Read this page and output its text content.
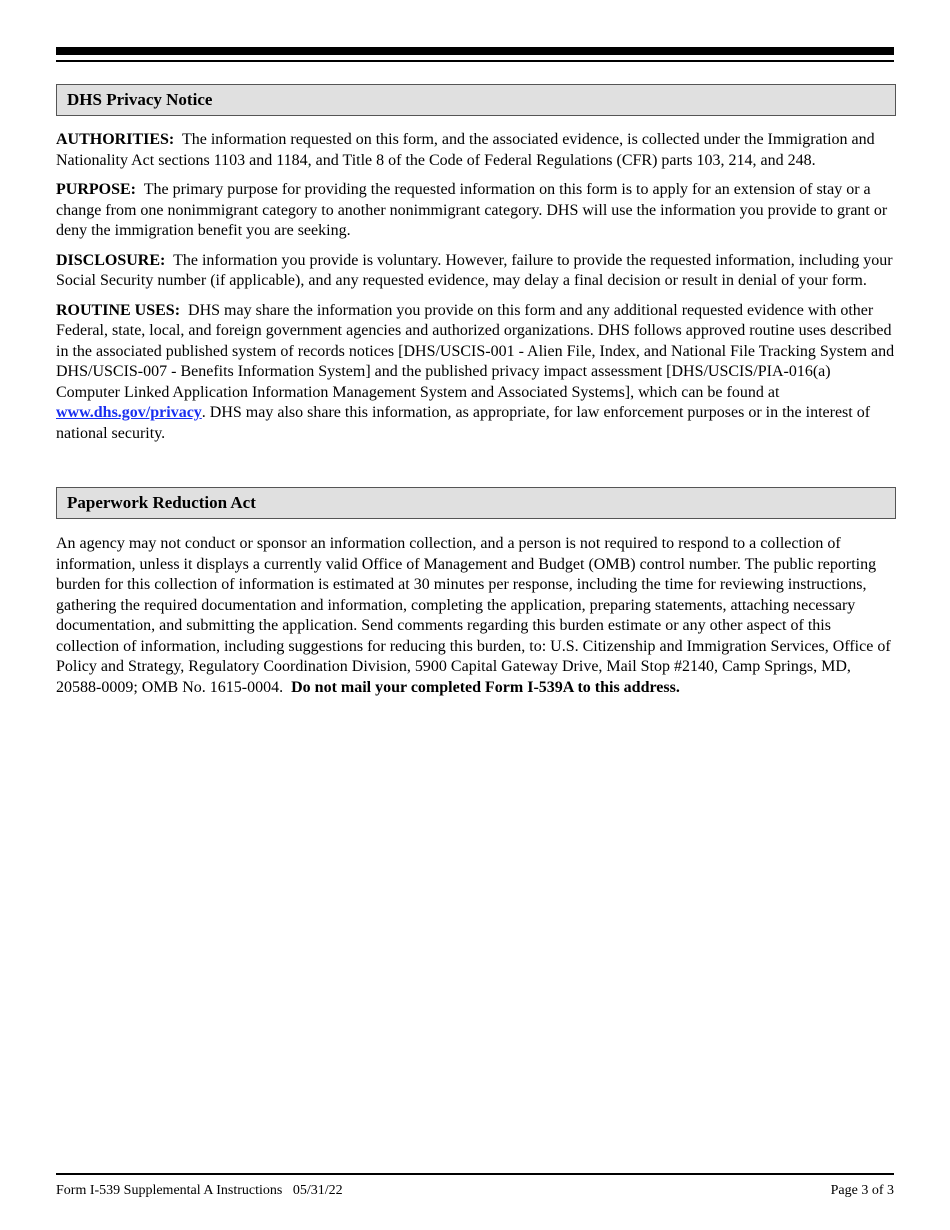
DHS Privacy Notice

AUTHORITIES: The information requested on this form, and the associated evidence, is collected under the Immigration and Nationality Act sections 1103 and 1184, and Title 8 of the Code of Federal Regulations (CFR) parts 103, 214, and 248.

PURPOSE: The primary purpose for providing the requested information on this form is to apply for an extension of stay or a change from one nonimmigrant category to another nonimmigrant category. DHS will use the information you provide to grant or deny the immigration benefit you are seeking.

DISCLOSURE: The information you provide is voluntary. However, failure to provide the requested information, including your Social Security number (if applicable), and any requested evidence, may delay a final decision or result in denial of your form.

ROUTINE USES: DHS may share the information you provide on this form and any additional requested evidence with other Federal, state, local, and foreign government agencies and authorized organizations. DHS follows approved routine uses described in the associated published system of records notices [DHS/USCIS-001 - Alien File, Index, and National File Tracking System and DHS/USCIS-007 - Benefits Information System] and the published privacy impact assessment [DHS/USCIS/PIA-016(a) Computer Linked Application Information Management System and Associated Systems], which can be found at www.dhs.gov/privacy. DHS may also share this information, as appropriate, for law enforcement purposes or in the interest of national security.

Paperwork Reduction Act

An agency may not conduct or sponsor an information collection, and a person is not required to respond to a collection of information, unless it displays a currently valid Office of Management and Budget (OMB) control number. The public reporting burden for this collection of information is estimated at 30 minutes per response, including the time for reviewing instructions, gathering the required documentation and information, completing the application, preparing statements, attaching necessary documentation, and submitting the application. Send comments regarding this burden estimate or any other aspect of this collection of information, including suggestions for reducing this burden, to: U.S. Citizenship and Immigration Services, Office of Policy and Strategy, Regulatory Coordination Division, 5900 Capital Gateway Drive, Mail Stop #2140, Camp Springs, MD, 20588-0009; OMB No. 1615-0004. Do not mail your completed Form I-539A to this address.

Form I-539 Supplemental A Instructions   05/31/22	Page 3 of 3
